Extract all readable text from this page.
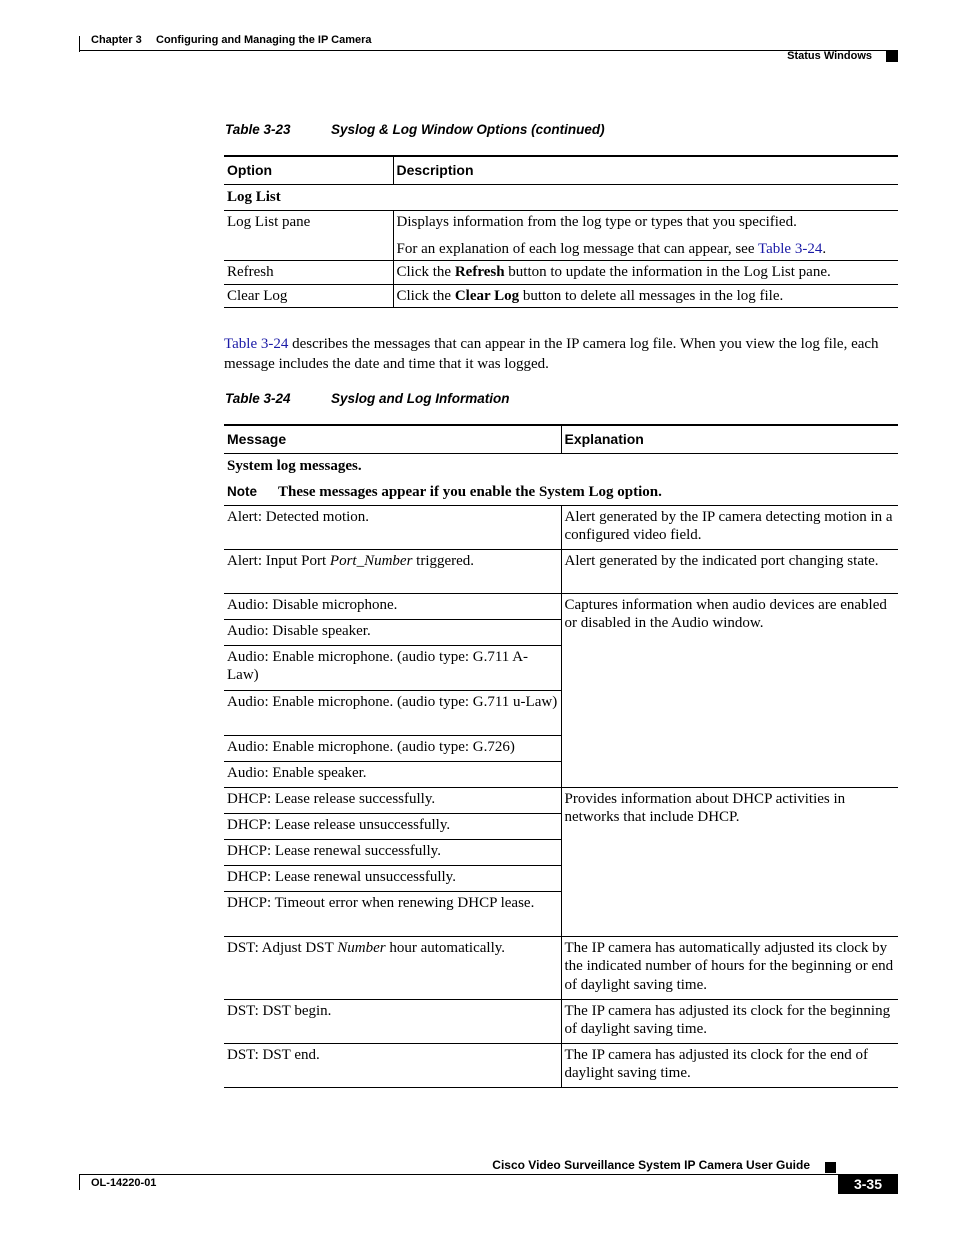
Chapter 3 Configuring and Managing the IP Camera
Status Windows
Table 3-23	Syslog & Log Window Options (continued)
Option	Description
Log List	
Log List pane	Displays information from the log type or types that you specified.
For an explanation of each log message that can appear, see Table 3-24.

Refresh	Click the Refresh button to update the information in the Log List pane.
Clear Log	Click the Clear Log button to delete all messages in the log file.
Table 3-24 describes the messages that can appear in the IP camera log file. When you view the log file, each message includes the date and time that it was logged.
Table 3-24	Syslog and Log Information
Message	Explanation
System log messages.	
Note These messages appear if you enable the System Log option.	
Alert: Detected motion.	Alert generated by the IP camera detecting motion in a configured video field.
Alert: Input Port Port_Number triggered.	Alert generated by the indicated port changing state.
Audio: Disable microphone.	Captures information when audio devices are enabled or disabled in the Audio window.
Audio: Disable speaker.	
Audio: Enable microphone. (audio type: G.711 A-Law)	
Audio: Enable microphone. (audio type: G.711 u-Law)	
Audio: Enable microphone. (audio type: G.726)	
Audio: Enable speaker.	
DHCP: Lease release successfully.	Provides information about DHCP activities in networks that include DHCP.
DHCP: Lease release unsuccessfully.	
DHCP: Lease renewal successfully.	
DHCP: Lease renewal unsuccessfully.	
DHCP: Timeout error when renewing DHCP lease.	
DST: Adjust DST Number hour automatically.	The IP camera has automatically adjusted its clock by the indicated number of hours for the beginning or end of daylight saving time.
DST: DST begin.	The IP camera has adjusted its clock for the beginning of daylight saving time.
DST: DST end.	The IP camera has adjusted its clock for the end of daylight saving time.
Cisco Video Surveillance System IP Camera User Guide
OL-14220-01	3-35
